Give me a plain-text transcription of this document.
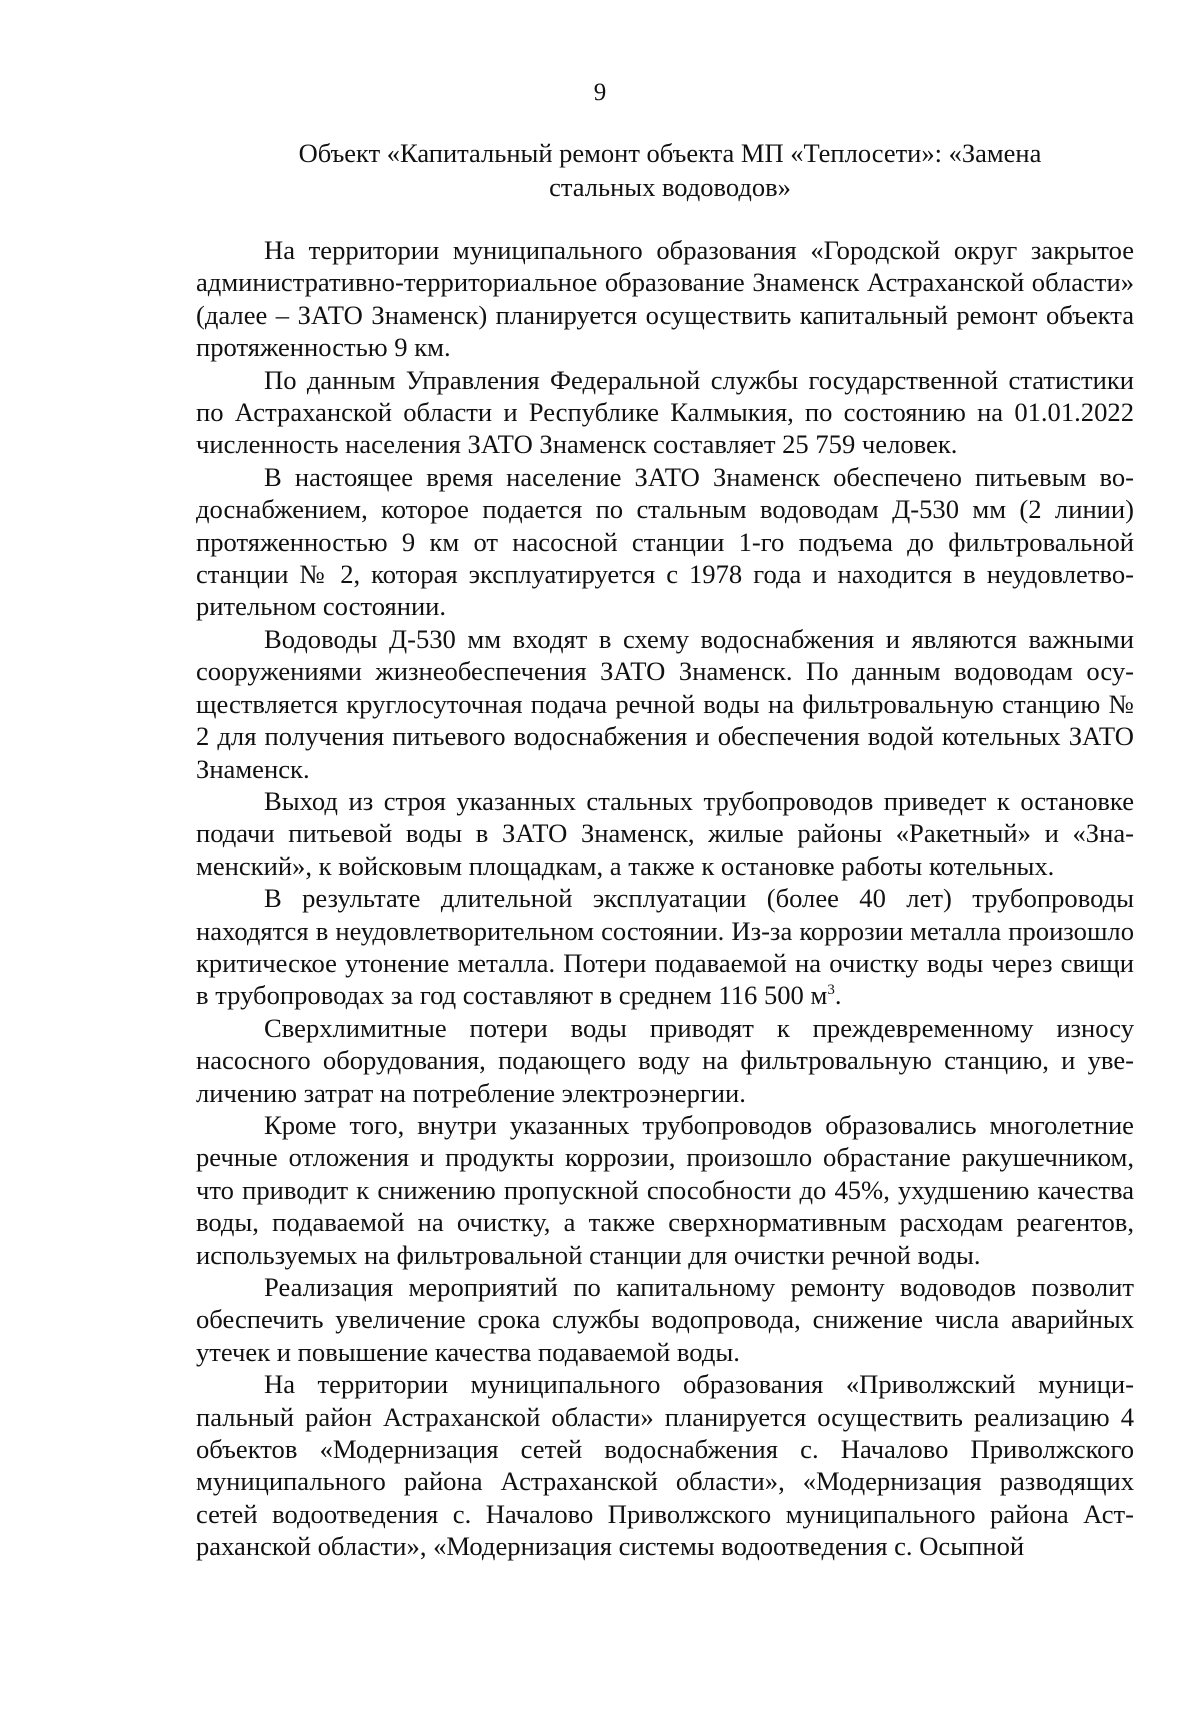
9
Объект «Капитальный ремонт объекта МП «Теплосети»: «Замена
стальных водоводов»

На территории муниципального образования «Городской округ закрытое административно-территориальное образование Знаменск Астраханской области» (далее – ЗАТО Знаменск) планируется осуществить капитальный ремонт объекта протяженностью 9 км.

По данным Управления Федеральной службы государственной статистики по Астраханской области и Республике Калмыкия, по состоянию на 01.01.2022 численность населения ЗАТО Знаменск составляет 25 759 человек.

В настоящее время население ЗАТО Знаменск обеспечено питьевым водоснабжением, которое подается по стальным водоводам Д-530 мм (2 линии) протяженностью 9 км от насосной станции 1-го подъема до фильтровальной станции № 2, которая эксплуатируется с 1978 года и находится в неудовлетворительном состоянии.

Водоводы Д-530 мм входят в схему водоснабжения и являются важными сооружениями жизнеобеспечения ЗАТО Знаменск. По данным водоводам осуществляется круглосуточная подача речной воды на фильтровальную станцию № 2 для получения питьевого водоснабжения и обеспечения водой котельных ЗАТО Знаменск.

Выход из строя указанных стальных трубопроводов приведет к остановке подачи питьевой воды в ЗАТО Знаменск, жилые районы «Ракетный» и «Знаменский», к войсковым площадкам, а также к остановке работы котельных.

В результате длительной эксплуатации (более 40 лет) трубопроводы находятся в неудовлетворительном состоянии. Из-за коррозии металла произошло критическое утонение металла. Потери подаваемой на очистку воды через свищи в трубопроводах за год составляют в среднем 116 500 $м^3$.

Сверхлимитные потери воды приводят к преждевременному износу насосного оборудования, подающего воду на фильтровальную станцию, и увеличению затрат на потребление электроэнергии.

Кроме того, внутри указанных трубопроводов образовались многолетние речные отложения и продукты коррозии, произошло обрастание ракушечником, что приводит к снижению пропускной способности до 45%, ухудшению качества воды, подаваемой на очистку, а также сверхнормативным расходам реагентов, используемых на фильтровальной станции для очистки речной воды.

Реализация мероприятий по капитальному ремонту водоводов позволит обеспечить увеличение срока службы водопровода, снижение числа аварийных утечек и повышение качества подаваемой воды.

На территории муниципального образования «Приволжский муниципальный район Астраханской области» планируется осуществить реализацию 4 объектов «Модернизация сетей водоснабжения с. Началово Приволжского муниципального района Астраханской области», «Модернизация разводящих сетей водоотведения с. Началово Приволжского муниципального района Астраханской области», «Модернизация системы водоотведения с. Осыпной
